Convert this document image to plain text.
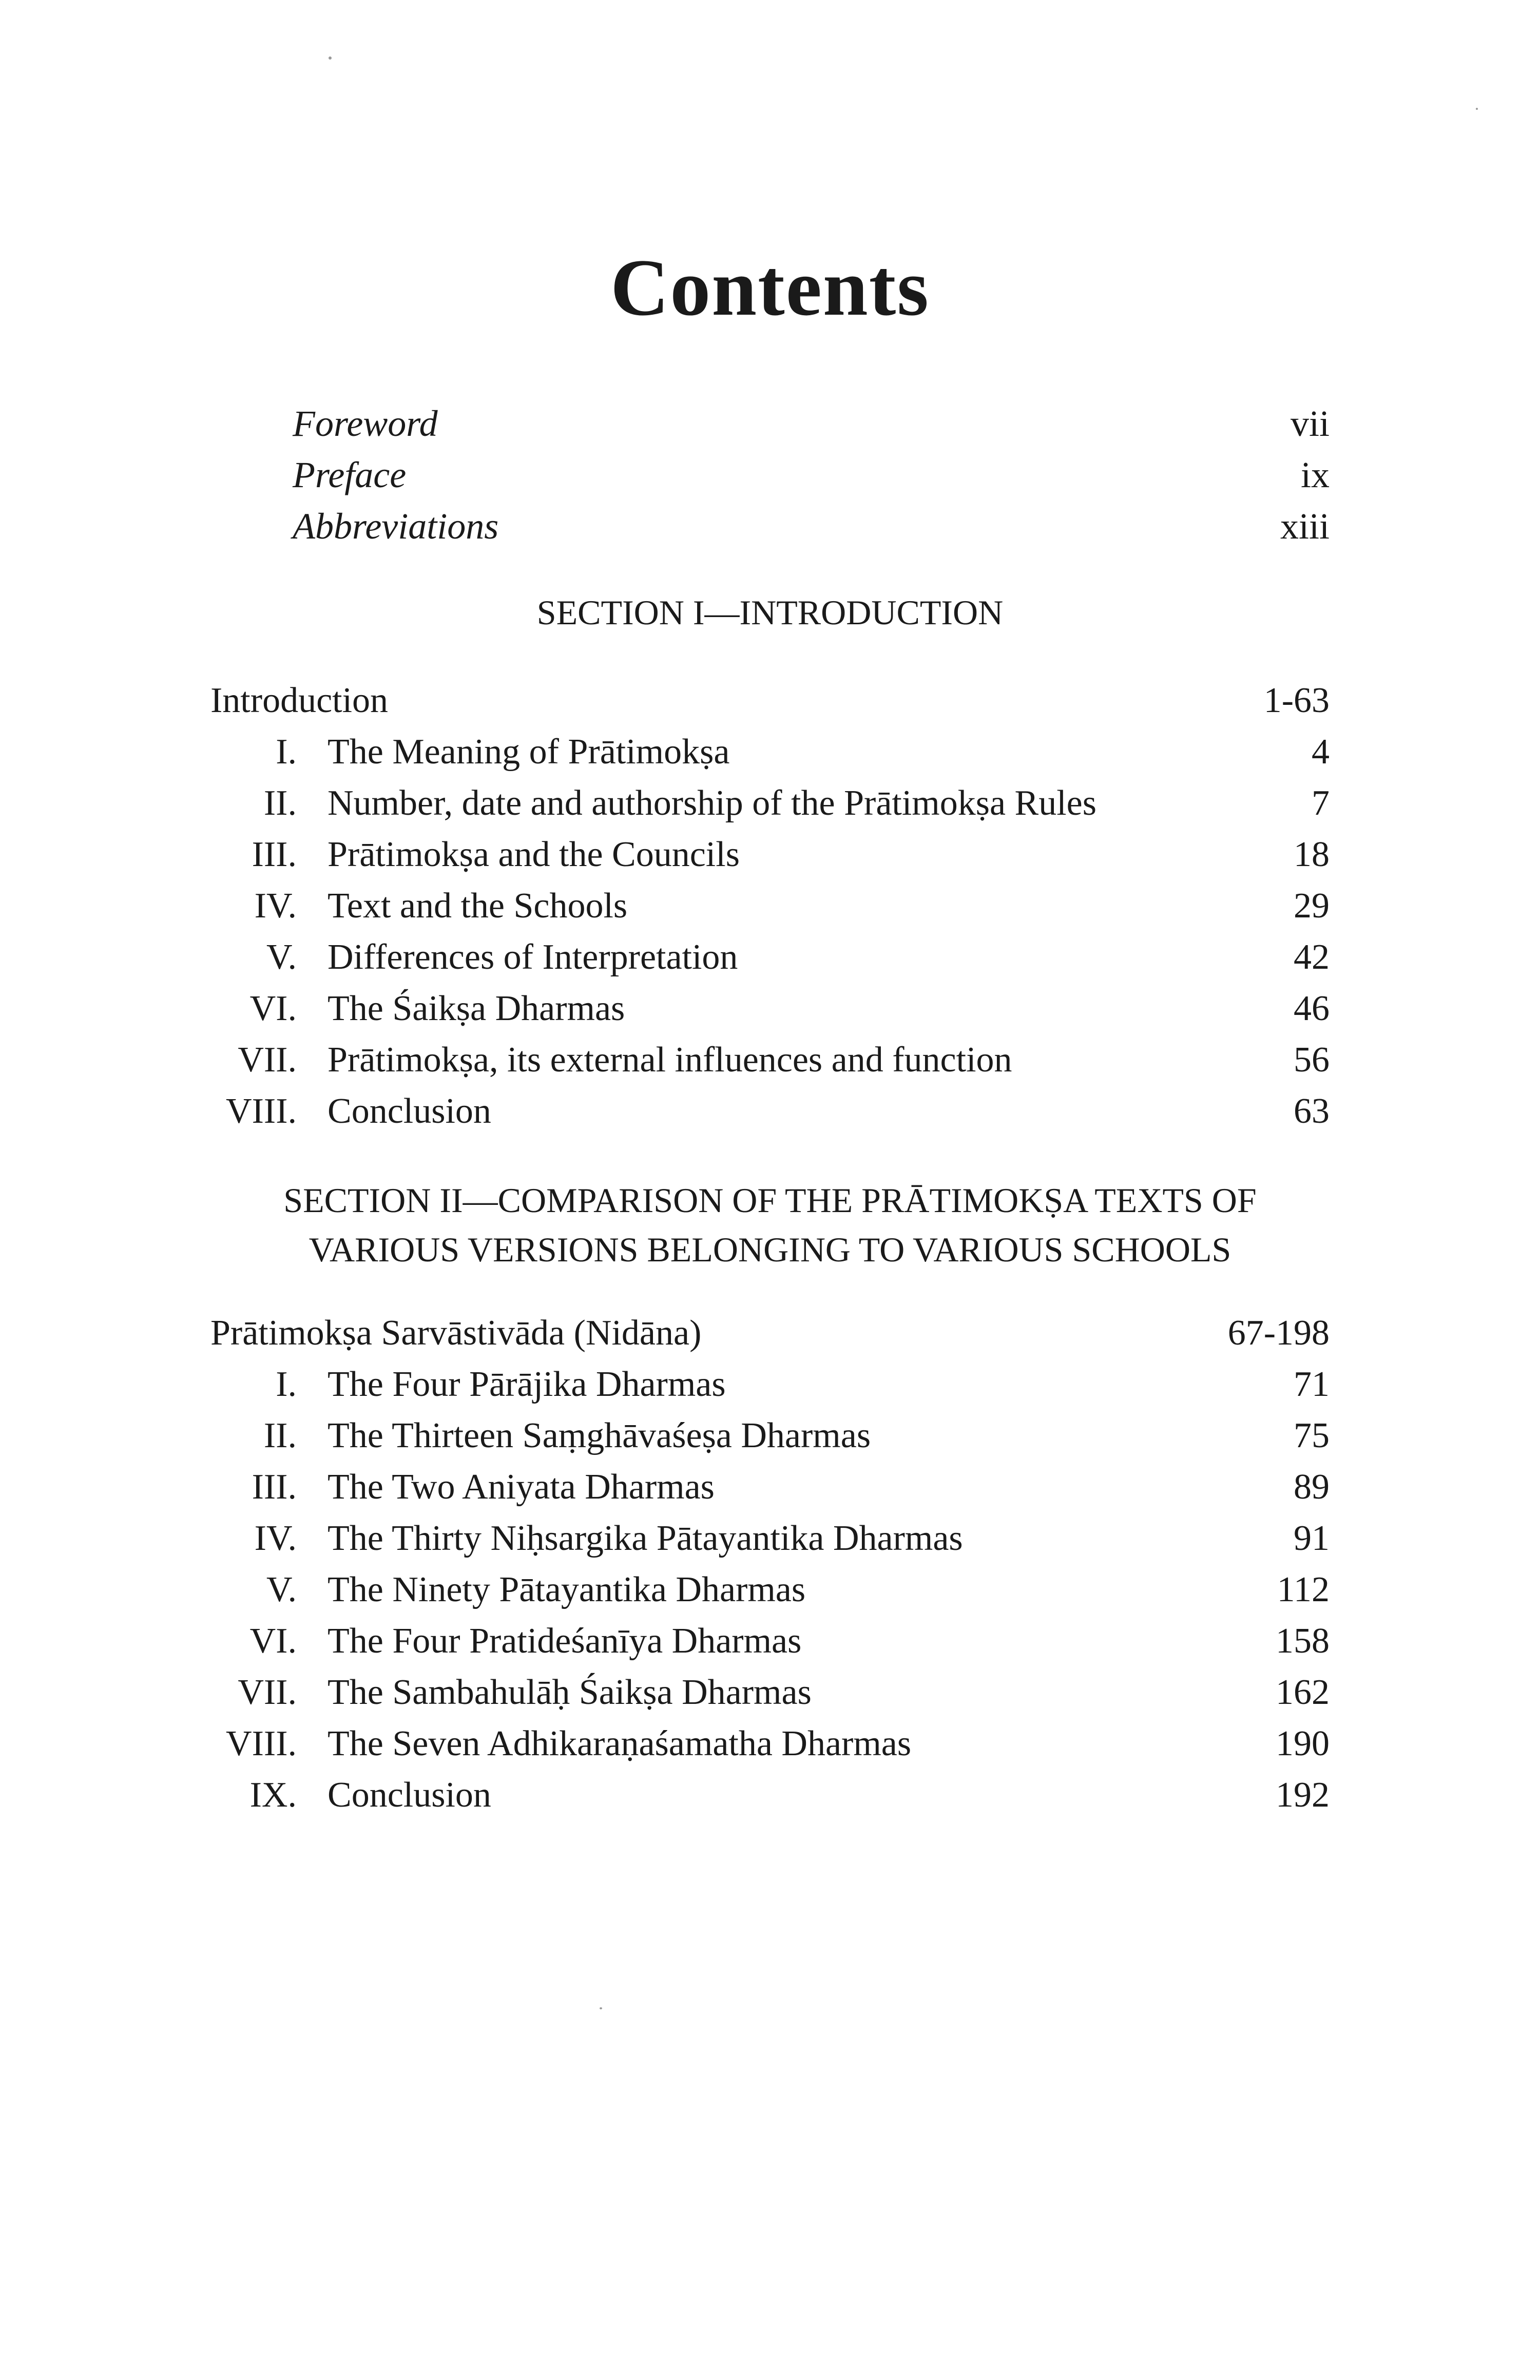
Contents
Foreword	vii
Preface	ix
Abbreviations	xiii
SECTION I—INTRODUCTION
Introduction	1-63
I. The Meaning of Prātimokṣa	4
II. Number, date and authorship of the Prātimokṣa Rules	7
III. Prātimokṣa and the Councils	18
IV. Text and the Schools	29
V. Differences of Interpretation	42
VI. The Śaikṣa Dharmas	46
VII. Prātimokṣa, its external influences and function	56
VIII. Conclusion	63
SECTION II—COMPARISON OF THE PRĀTIMOKṢA TEXTS OF
VARIOUS VERSIONS BELONGING TO VARIOUS SCHOOLS
Prātimokṣa Sarvāstivāda (Nidāna)	67-198
I. The Four Pārājika Dharmas	71
II. The Thirteen Saṃghāvaśeṣa Dharmas	75
III. The Two Aniyata Dharmas	89
IV. The Thirty Niḥsargika Pātayantika Dharmas	91
V. The Ninety Pātayantika Dharmas	112
VI. The Four Pratideśanīya Dharmas	158
VII. The Sambahulāḥ Śaikṣa Dharmas	162
VIII. The Seven Adhikaraṇaśamatha Dharmas	190
IX. Conclusion	192
